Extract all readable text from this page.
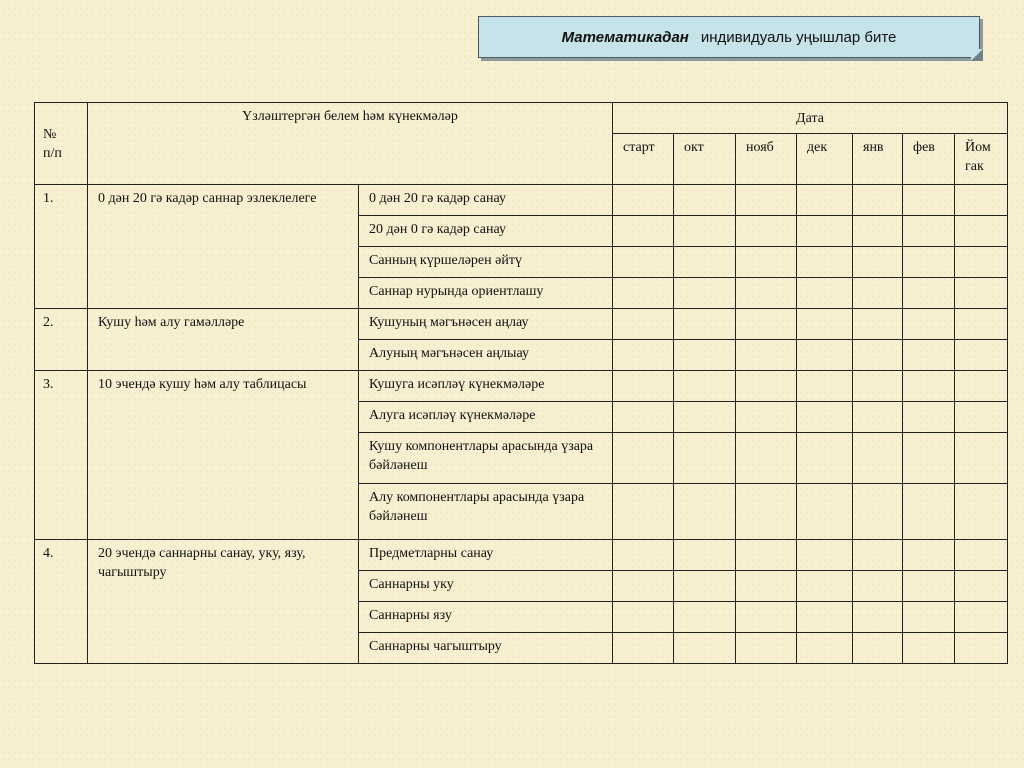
Математикадан индивидуаль уңышлар бите
№
п/п	Үзләштергән белем һәм күнекмәләр		Дата						
			старт	окт	нояб	дек	янв	фев	Йом
гак
1.	0 дән 20 гә кадәр саннар эзлеклелеге	0 дән 20 гә кадәр санау							
		20 дән 0 гә кадәр санау							
		Санның күршеләрен әйтү							
		Саннар нурында ориентлашу							
2.	Кушу һәм алу гамәлләре	Кушуның мәгънәсен аңлау							
		Алуның мәгънәсен аңлыау							
3.	10 эчендә кушу һәм алу таблицасы	Кушуга исәпләү күнекмәләре							
		Алуга исәпләү күнекмәләре							
		Кушу компонентлары арасында үзара бәйләнеш							
		Алу компонентлары арасында үзара бәйләнеш							
4.	20 эчендә саннарны санау, уку, язу, чагыштыру	Предметларны санау							
		Саннарны уку							
		Саннарны язу							
		Саннарны чагыштыру							
